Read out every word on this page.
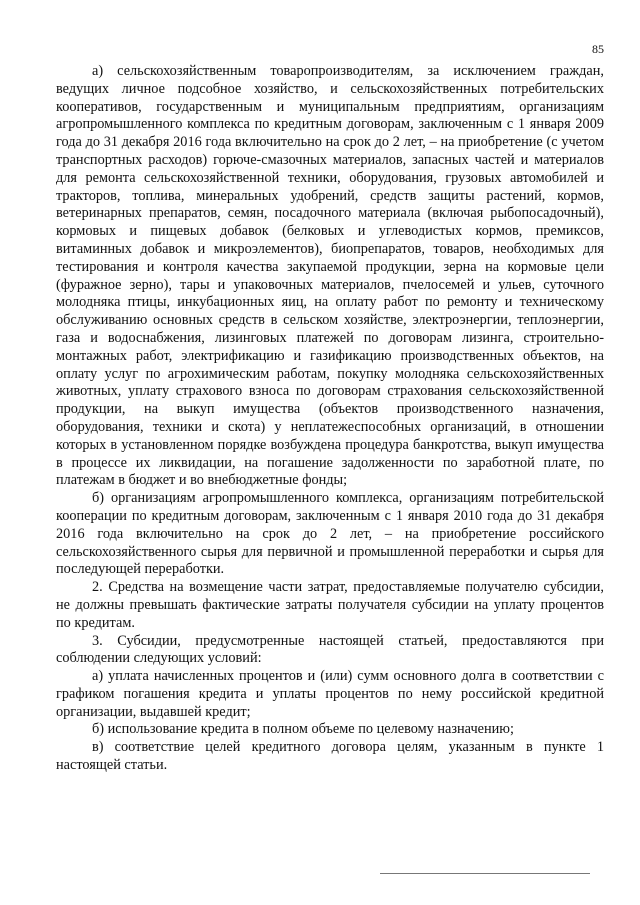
85

а) сельскохозяйственным товаропроизводителям, за исключением граждан, ведущих личное подсобное хозяйство, и сельскохозяйственных потребительских кооперативов, государственным и муниципальным предприятиям, организациям агропромышленного комплекса по кредитным договорам, заключенным с 1 января 2009 года до 31 декабря 2016 года включительно на срок до 2 лет, – на приобретение (с учетом транспортных расходов) горюче-смазочных материалов, запасных частей и материалов для ремонта сельскохозяйственной техники, оборудования, грузовых автомобилей и тракторов, топлива, минеральных удобрений, средств защиты растений, кормов, ветеринарных препаратов, семян, посадочного материала (включая рыбопосадочный), кормовых и пищевых добавок (белковых и углеводистых кормов, премиксов, витаминных добавок и микроэлементов), биопрепаратов, товаров, необходимых для тестирования и контроля качества закупаемой продукции, зерна на кормовые цели (фуражное зерно), тары и упаковочных материалов, пчелосемей и ульев, суточного молодняка птицы, инкубационных яиц, на оплату работ по ремонту и техническому обслуживанию основных средств в сельском хозяйстве, электроэнергии, теплоэнергии, газа и водоснабжения, лизинговых платежей по договорам лизинга, строительно-монтажных работ, электрификацию и газификацию производственных объектов, на оплату услуг по агрохимическим работам, покупку молодняка сельскохозяйственных животных, уплату страхового взноса по договорам страхования сельскохозяйственной продукции, на выкуп имущества (объектов производственного назначения, оборудования, техники и скота) у неплатежеспособных организаций, в отношении которых в установленном порядке возбуждена процедура банкротства, выкуп имущества в процессе их ликвидации, на погашение задолженности по заработной плате, по платежам в бюджет и во внебюджетные фонды;

б) организациям агропромышленного комплекса, организациям потребительской кооперации по кредитным договорам, заключенным с 1 января 2010 года до 31 декабря 2016 года включительно на срок до 2 лет, – на приобретение российского сельскохозяйственного сырья для первичной и промышленной переработки и сырья для последующей переработки.

2. Средства на возмещение части затрат, предоставляемые получателю субсидии, не должны превышать фактические затраты получателя субсидии на уплату процентов по кредитам.

3. Субсидии, предусмотренные настоящей статьей, предоставляются при соблюдении следующих условий:

а) уплата начисленных процентов и (или) сумм основного долга в соответствии с графиком погашения кредита и уплаты процентов по нему российской кредитной организации, выдавшей кредит;

б) использование кредита в полном объеме по целевому назначению;

в) соответствие целей кредитного договора целям, указанным в пункте 1 настоящей статьи.
